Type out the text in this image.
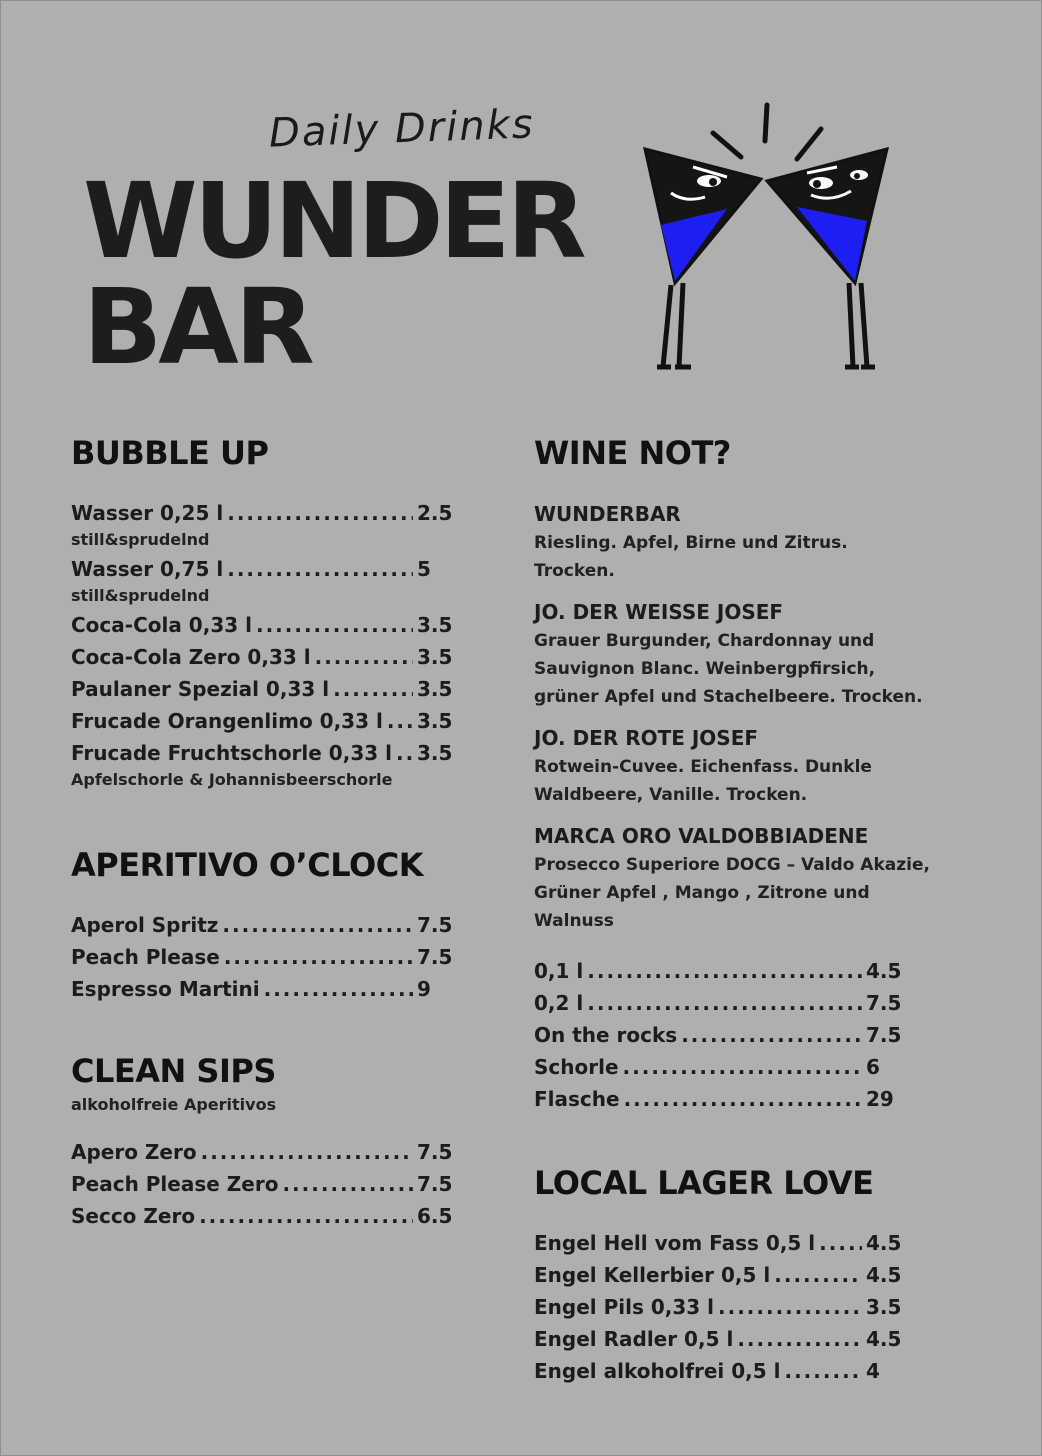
Daily Drinks
WUNDER
BAR
BUBBLE UP
Wasser 0,25 l .....	2.5
still&sprudelnd
Wasser 0,75 l .....	5
still&sprudelnd
Coca-Cola 0,33 l .....	3.5
Coca-Cola Zero 0,33 l .....	3.5
Paulaner Spezial 0,33 l .....	3.5
Frucade Orangenlimo 0,33 l ..... 3.5
Frucade Fruchtschorle 0,33 l ..... 3.5
Apfelschorle & Johannisbeerschorle
APERITIVO O’CLOCK
Aperol Spritz .....	7.5
Peach Please .....	7.5
Espresso Martini .....	9
CLEAN SIPS
alkoholfreie Aperitivos
Apero Zero .....	7.5
Peach Please Zero .....	7.5
Secco Zero .....	6.5
WINE NOT?
WUNDERBAR
Riesling. Apfel, Birne und Zitrus. Trocken.
JO. DER WEISSE JOSEF
Grauer Burgunder, Chardonnay und Sauvignon Blanc. Weinbergpfirsich, grüner Apfel und Stachelbeere. Trocken.
JO. DER ROTE JOSEF
Rotwein-Cuvee. Eichenfass. Dunkle Waldbeere, Vanille. Trocken.
MARCA ORO VALDOBBIADENE
Prosecco Superiore DOCG – Valdo Akazie, Grüner Apfel , Mango , Zitrone und Walnuss
0,1 l .....	4.5
0,2 l .....	7.5
On the rocks .....	7.5
Schorle .....	6
Flasche .....	29
LOCAL LAGER LOVE
Engel Hell vom Fass 0,5 l .....	4.5
Engel Kellerbier 0,5 l .....	4.5
Engel Pils 0,33 l .....	3.5
Engel Radler 0,5 l .....	4.5
Engel alkoholfrei 0,5 l .....	4
